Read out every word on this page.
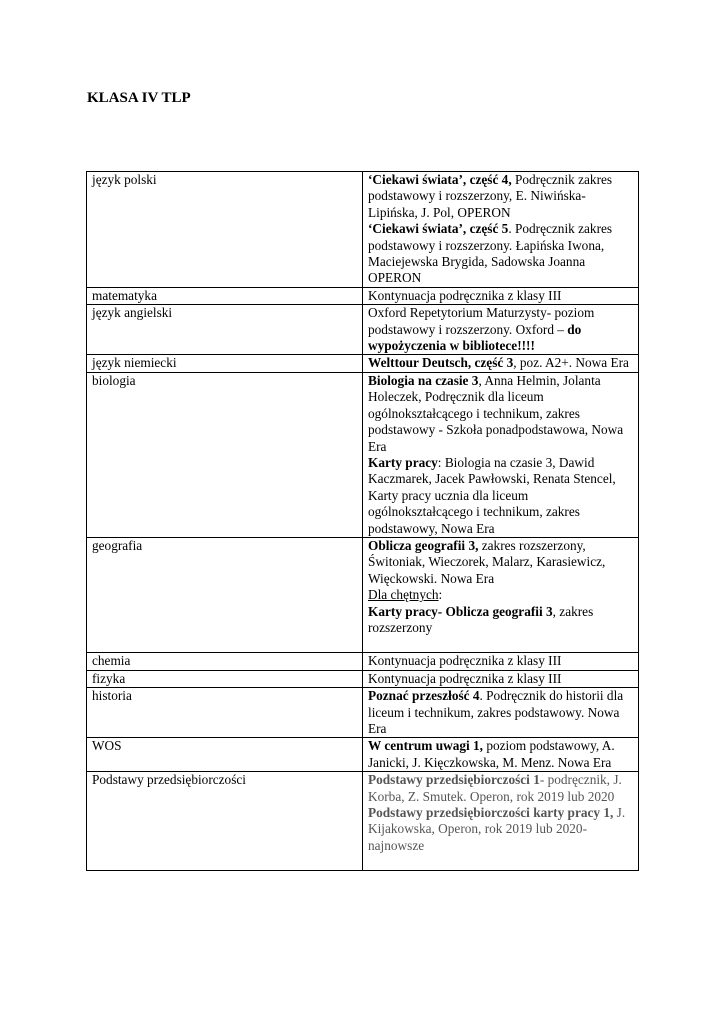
KLASA IV TLP
język polski	‘Ciekawi świata’, część 4, Podręcznik zakres podstawowy i rozszerzony, E. Niwińska-Lipińska, J. Pol, OPERON
‘Ciekawi świata’, część 5. Podręcznik zakres podstawowy i rozszerzony. Łapińska Iwona, Maciejewska Brygida, Sadowska Joanna OPERON

matematyka	Kontynuacja podręcznika z klasy III

język angielski	Oxford Repetytorium Maturzysty- poziom podstawowy i rozszerzony. Oxford – do wypożyczenia w bibliotece!!!!

język niemiecki	Welttour Deutsch, część 3, poz. A2+. Nowa Era

biologia	Biologia na czasie 3, Anna Helmin, Jolanta Holeczek, Podręcznik dla liceum ogólnokształcącego i technikum, zakres podstawowy - Szkoła ponadpodstawowa, Nowa Era
Karty pracy: Biologia na czasie 3, Dawid Kaczmarek, Jacek Pawłowski, Renata Stencel, Karty pracy ucznia dla liceum ogólnokształcącego i technikum, zakres podstawowy, Nowa Era

geografia	Oblicza geografii 3, zakres rozszerzony, Świtoniak, Wieczorek, Malarz, Karasiewicz, Więckowski. Nowa Era
Dla chętnych:
Karty pracy- Oblicza geografii 3, zakres rozszerzony

chemia	Kontynuacja podręcznika z klasy III

fizyka	Kontynuacja podręcznika z klasy III

historia	Poznać przeszłość 4. Podręcznik do historii dla liceum i technikum, zakres podstawowy. Nowa Era

WOS	W centrum uwagi 1, poziom podstawowy, A. Janicki, J. Kięczkowska, M. Menz. Nowa Era

Podstawy przedsiębiorczości	Podstawy przedsiębiorczości 1- podręcznik, J. Korba, Z. Smutek. Operon, rok 2019 lub 2020
Podstawy przedsiębiorczości karty pracy 1, J. Kijakowska, Operon, rok 2019 lub 2020- najnowsze
